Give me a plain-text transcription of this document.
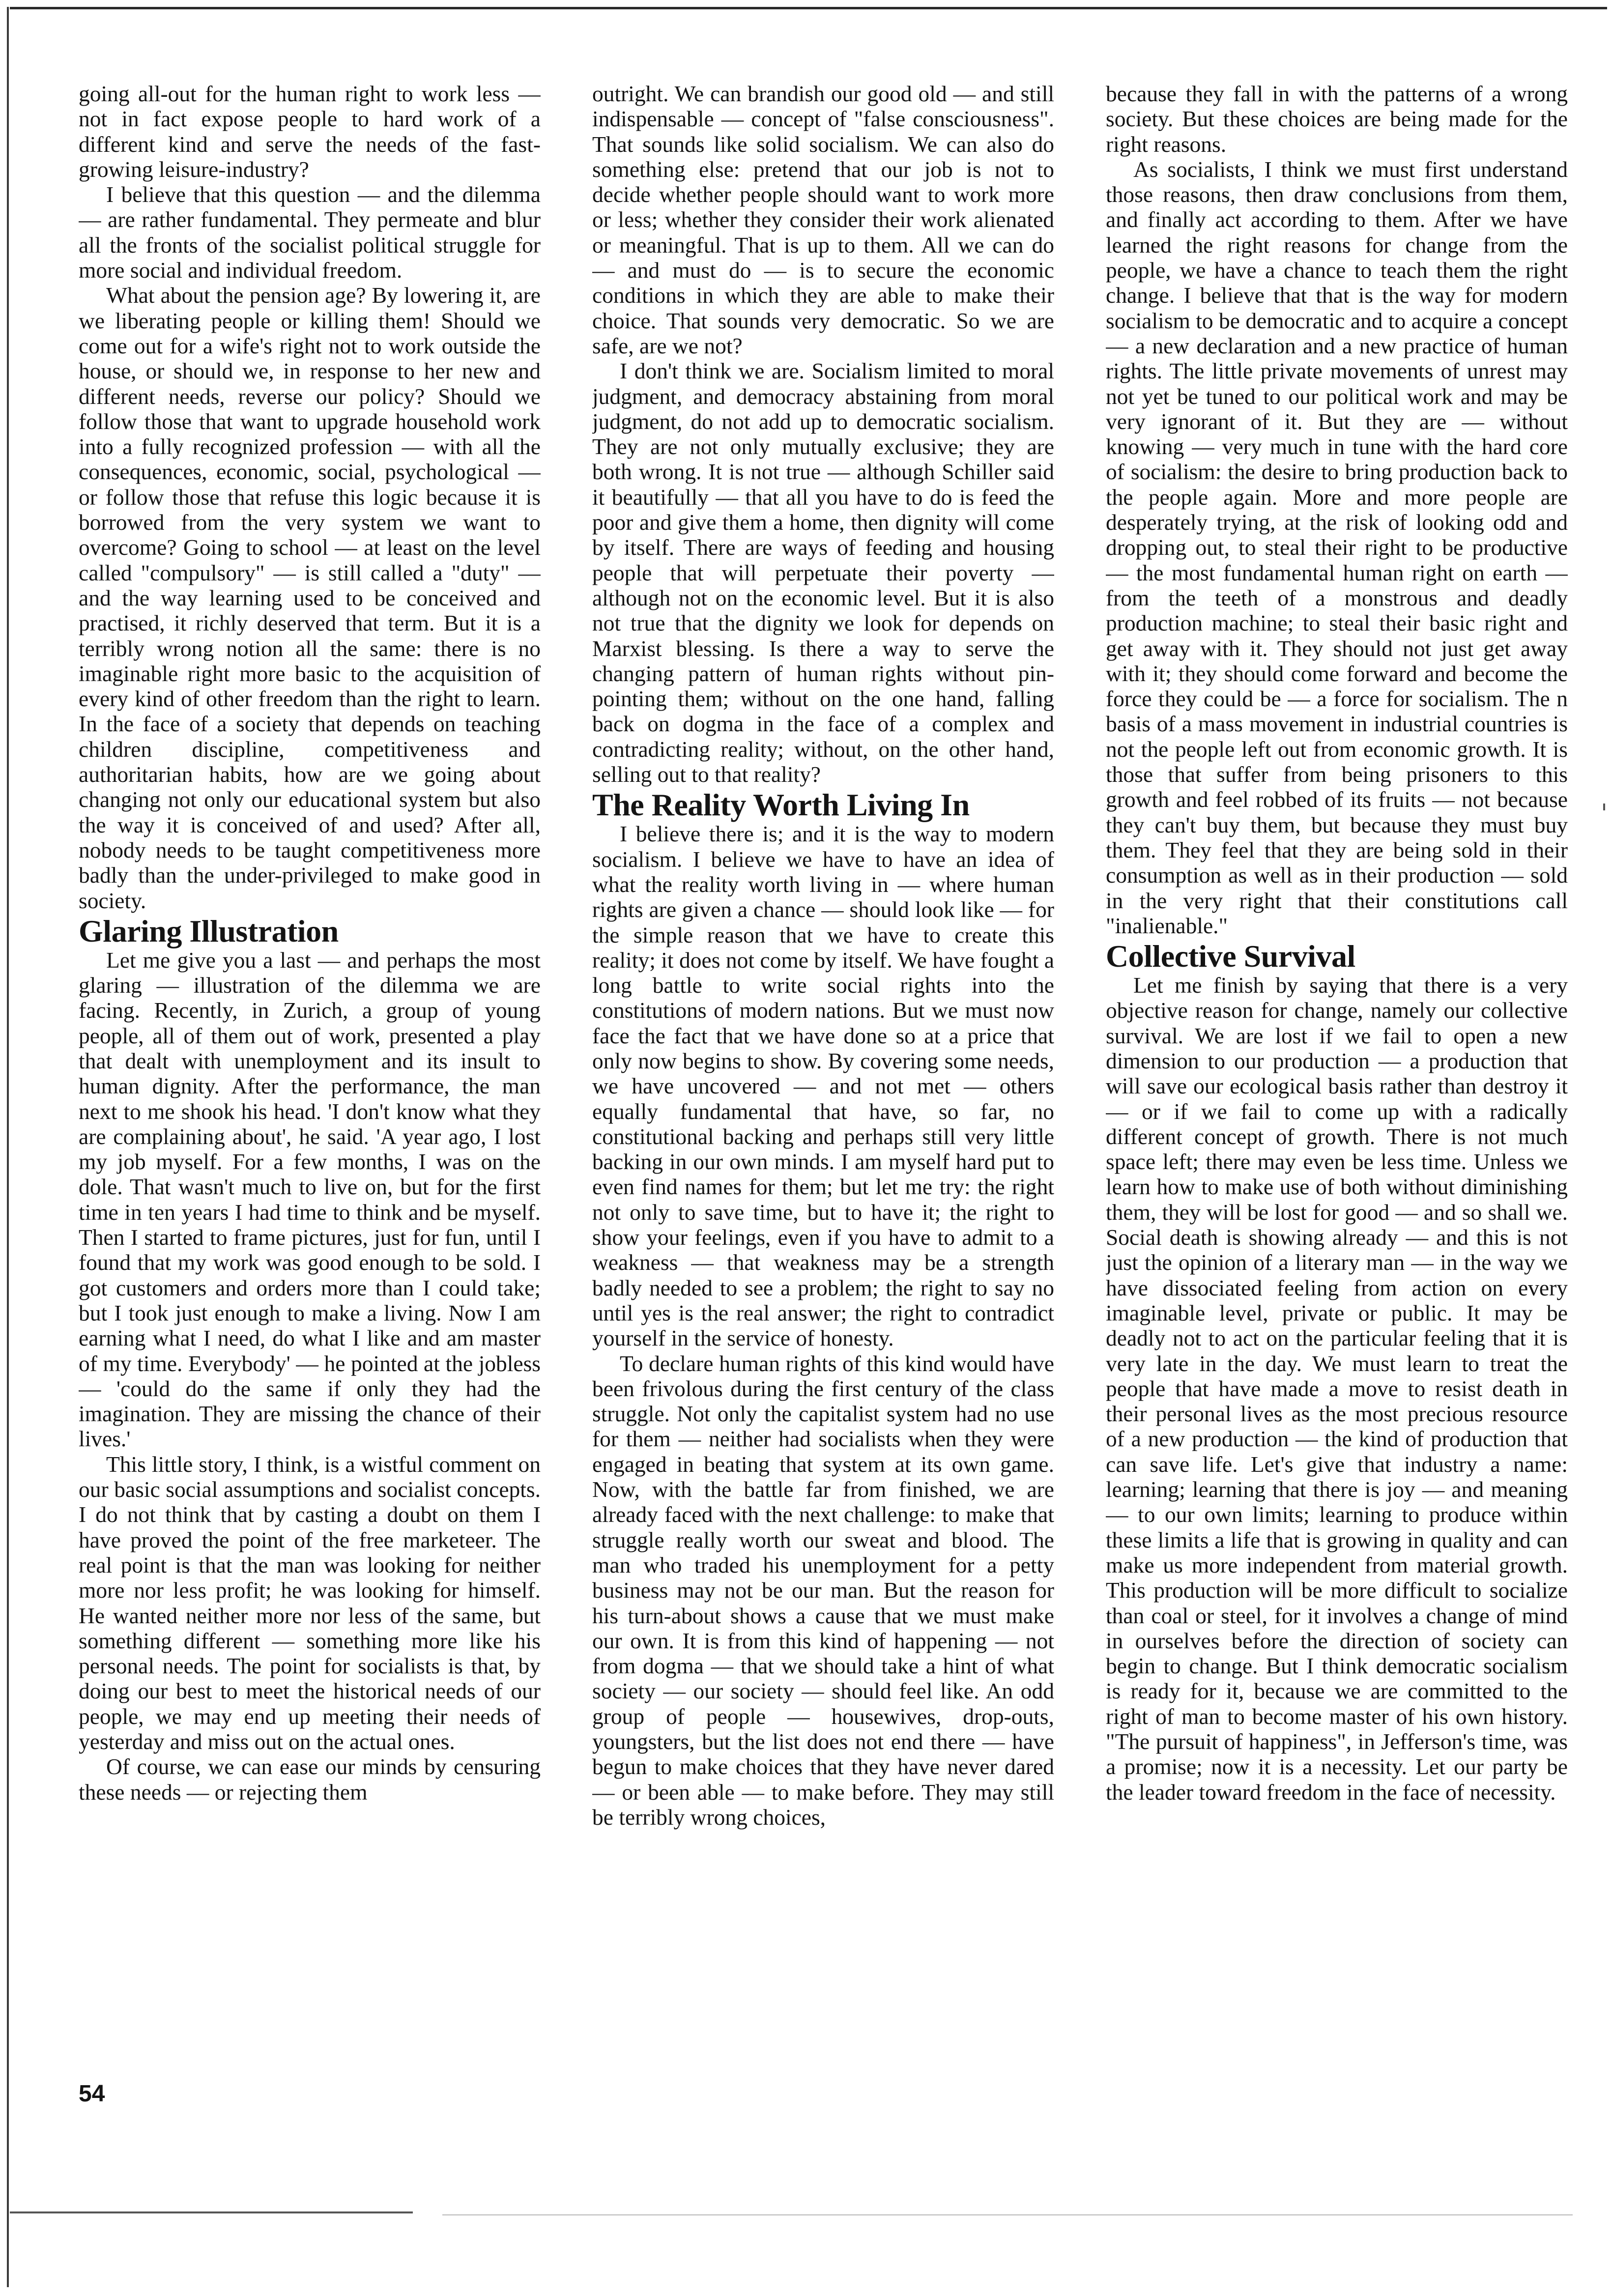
going all-out for the human right to work less — not in fact expose people to hard work of a different kind and serve the needs of the fast-growing leisure-industry?

I believe that this question — and the dilemma — are rather fundamental. They permeate and blur all the fronts of the socialist political struggle for more social and individual freedom.

What about the pension age? By lowering it, are we liberating people or killing them! Should we come out for a wife's right not to work outside the house, or should we, in response to her new and different needs, reverse our policy? Should we follow those that want to upgrade household work into a fully recognized profession — with all the consequences, economic, social, psychological — or follow those that refuse this logic because it is borrowed from the very system we want to overcome? Going to school — at least on the level called "compulsory" — is still called a "duty" — and the way learning used to be conceived and practised, it richly deserved that term. But it is a terribly wrong notion all the same: there is no imaginable right more basic to the acquisition of every kind of other freedom than the right to learn. In the face of a society that depends on teaching children discipline, competitiveness and authoritarian habits, how are we going about changing not only our educational system but also the way it is conceived of and used? After all, nobody needs to be taught competitiveness more badly than the under-privileged to make good in society.

Glaring Illustration

Let me give you a last — and perhaps the most glaring — illustration of the dilemma we are facing. Recently, in Zurich, a group of young people, all of them out of work, presented a play that dealt with unemployment and its insult to human dignity. After the performance, the man next to me shook his head. 'I don't know what they are complaining about', he said. 'A year ago, I lost my job myself. For a few months, I was on the dole. That wasn't much to live on, but for the first time in ten years I had time to think and be myself. Then I started to frame pictures, just for fun, until I found that my work was good enough to be sold. I got customers and orders more than I could take; but I took just enough to make a living. Now I am earning what I need, do what I like and am master of my time. Everybody' — he pointed at the jobless — 'could do the same if only they had the imagination. They are missing the chance of their lives.'

This little story, I think, is a wistful comment on our basic social assumptions and socialist concepts. I do not think that by casting a doubt on them I have proved the point of the free marketeer. The real point is that the man was looking for neither more nor less profit; he was looking for himself. He wanted neither more nor less of the same, but something different — something more like his personal needs. The point for socialists is that, by doing our best to meet the historical needs of our people, we may end up meeting their needs of yesterday and miss out on the actual ones.

Of course, we can ease our minds by censuring these needs — or rejecting them

outright. We can brandish our good old — and still indispensable — concept of "false consciousness". That sounds like solid socialism. We can also do something else: pretend that our job is not to decide whether people should want to work more or less; whether they consider their work alienated or meaningful. That is up to them. All we can do — and must do — is to secure the economic conditions in which they are able to make their choice. That sounds very democratic. So we are safe, are we not?

I don't think we are. Socialism limited to moral judgment, and democracy abstaining from moral judgment, do not add up to democratic socialism. They are not only mutually exclusive; they are both wrong. It is not true — although Schiller said it beautifully — that all you have to do is feed the poor and give them a home, then dignity will come by itself. There are ways of feeding and housing people that will perpetuate their poverty — although not on the economic level. But it is also not true that the dignity we look for depends on Marxist blessing. Is there a way to serve the changing pattern of human rights without pin-pointing them; without on the one hand, falling back on dogma in the face of a complex and contradicting reality; without, on the other hand, selling out to that reality?

The Reality Worth Living In

I believe there is; and it is the way to modern socialism. I believe we have to have an idea of what the reality worth living in — where human rights are given a chance — should look like — for the simple reason that we have to create this reality; it does not come by itself. We have fought a long battle to write social rights into the constitutions of modern nations. But we must now face the fact that we have done so at a price that only now begins to show. By covering some needs, we have uncovered — and not met — others equally fundamental that have, so far, no constitutional backing and perhaps still very little backing in our own minds. I am myself hard put to even find names for them; but let me try: the right not only to save time, but to have it; the right to show your feelings, even if you have to admit to a weakness — that weakness may be a strength badly needed to see a problem; the right to say no until yes is the real answer; the right to contradict yourself in the service of honesty.

To declare human rights of this kind would have been frivolous during the first century of the class struggle. Not only the capitalist system had no use for them — neither had socialists when they were engaged in beating that system at its own game. Now, with the battle far from finished, we are already faced with the next challenge: to make that struggle really worth our sweat and blood. The man who traded his unemployment for a petty business may not be our man. But the reason for his turn-about shows a cause that we must make our own. It is from this kind of happening — not from dogma — that we should take a hint of what society — our society — should feel like. An odd group of people — housewives, drop-outs, youngsters, but the list does not end there — have begun to make choices that they have never dared — or been able — to make before. They may still be terribly wrong choices,

because they fall in with the patterns of a wrong society. But these choices are being made for the right reasons.

As socialists, I think we must first understand those reasons, then draw conclusions from them, and finally act according to them. After we have learned the right reasons for change from the people, we have a chance to teach them the right change. I believe that that is the way for modern socialism to be democratic and to acquire a concept — a new declaration and a new practice of human rights. The little private movements of unrest may not yet be tuned to our political work and may be very ignorant of it. But they are — without knowing — very much in tune with the hard core of socialism: the desire to bring production back to the people again. More and more people are desperately trying, at the risk of looking odd and dropping out, to steal their right to be productive — the most fundamental human right on earth — from the teeth of a monstrous and deadly production machine; to steal their basic right and get away with it. They should not just get away with it; they should come forward and become the force they could be — a force for socialism. The n basis of a mass movement in industrial countries is not the people left out from economic growth. It is those that suffer from being prisoners to this growth and feel robbed of its fruits — not because they can't buy them, but because they must buy them. They feel that they are being sold in their consumption as well as in their production — sold in the very right that their constitutions call "inalienable."

Collective Survival

Let me finish by saying that there is a very objective reason for change, namely our collective survival. We are lost if we fail to open a new dimension to our production — a production that will save our ecological basis rather than destroy it — or if we fail to come up with a radically different concept of growth. There is not much space left; there may even be less time. Unless we learn how to make use of both without diminishing them, they will be lost for good — and so shall we. Social death is showing already — and this is not just the opinion of a literary man — in the way we have dissociated feeling from action on every imaginable level, private or public. It may be deadly not to act on the particular feeling that it is very late in the day. We must learn to treat the people that have made a move to resist death in their personal lives as the most precious resource of a new production — the kind of production that can save life. Let's give that industry a name: learning; learning that there is joy — and meaning — to our own limits; learning to produce within these limits a life that is growing in quality and can make us more independent from material growth. This production will be more difficult to socialize than coal or steel, for it involves a change of mind in ourselves before the direction of society can begin to change. But I think democratic socialism is ready for it, because we are committed to the right of man to become master of his own history. "The pursuit of happiness", in Jefferson's time, was a promise; now it is a necessity. Let our party be the leader toward freedom in the face of necessity.

54
